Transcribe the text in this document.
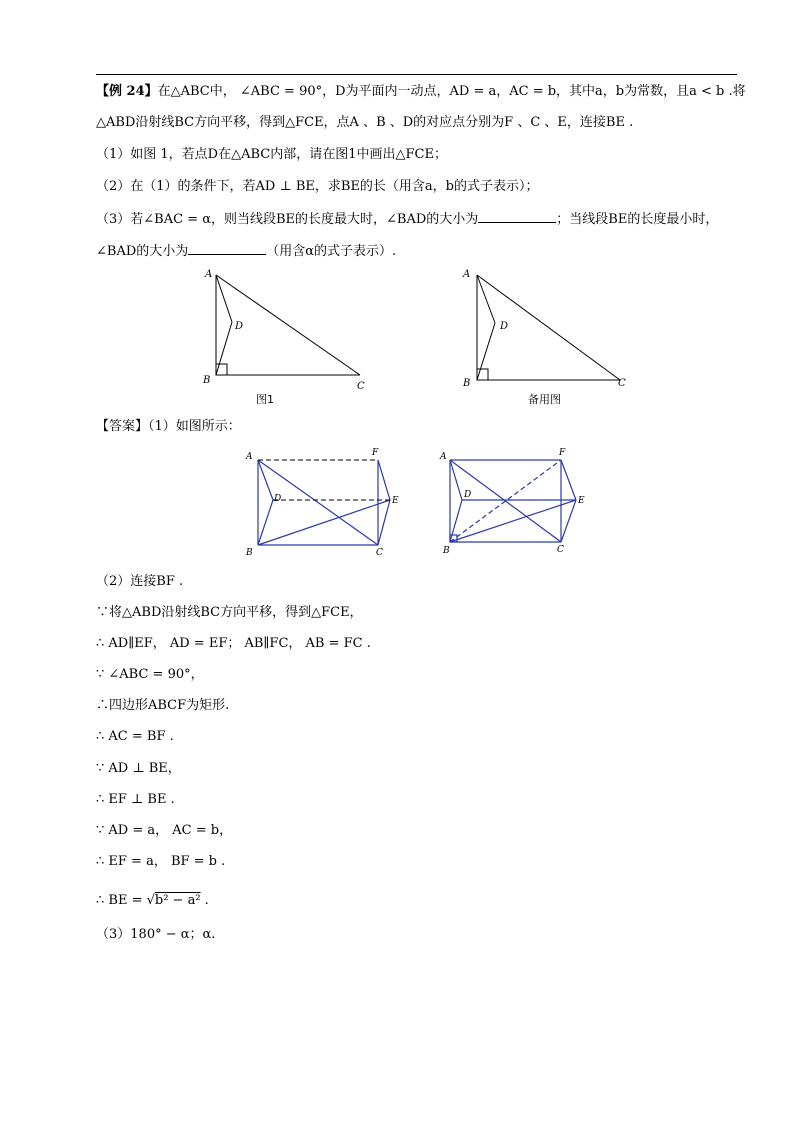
【例 24】在△ABC中， ∠ABC = 90°，D为平面内一动点，AD = a，AC = b，其中a，b为常数，且a < b .将
△ABD沿射线BC方向平移，得到△FCE，点A 、B 、D的对应点分别为F 、C 、E，连接BE .
（1）如图 1，若点D在△ABC内部，请在图1中画出△FCE；
（2）在（1）的条件下，若AD ⊥ BE，求BE的长（用含a，b的式子表示）；
（3）若∠BAC = α，则当线段BE的长度最大时，∠BAD的大小为	；当线段BE的长度最小时，
∠BAD的大小为	（用含α的式子表示）.
A
D
B
C
图1
A
D
B	C
备用图
【答案】（1）如图所示：
A	F
D	E
B	C
A	F
D
E
B	C
（2）连接BF .
∵将△ABD沿射线BC方向平移，得到△FCE，
∴ AD∥EF， AD = EF； AB∥FC， AB = FC .
∵ ∠ABC = 90°，
∴四边形ABCF为矩形.
∴ AC = BF .
∵ AD ⊥ BE，
∴ EF ⊥ BE .
∵ AD = a， AC = b，
∴ EF = a， BF = b .
∴ BE = √b² − a² .
（3）180° − α；α.
